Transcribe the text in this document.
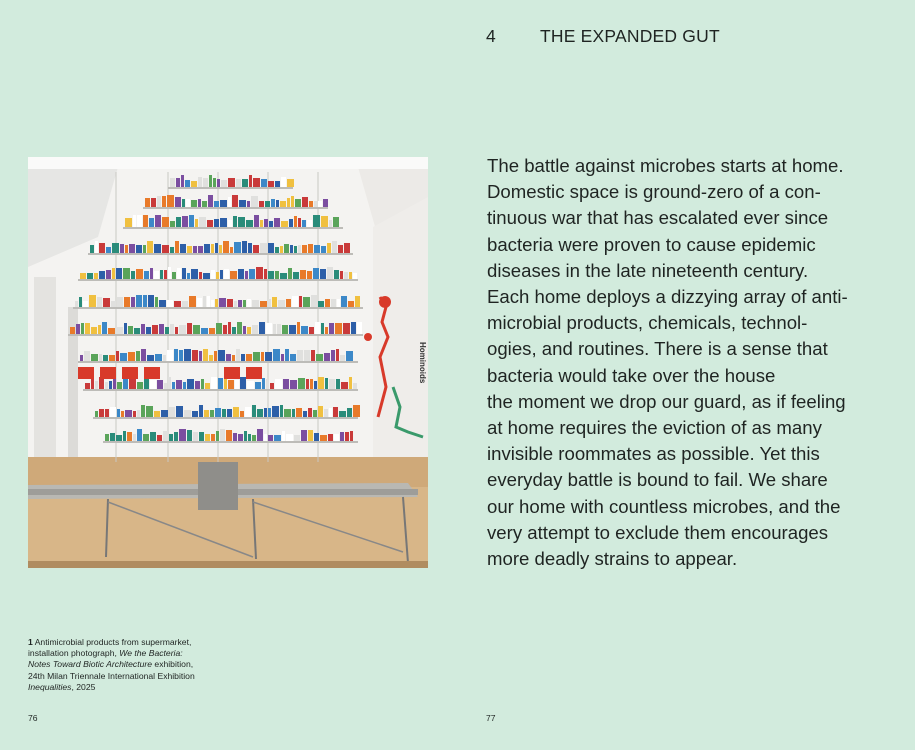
4	THE EXPANDED GUT
Hominoids

The battle against microbes starts at home.
Domestic space is ground-zero of a con-
tinuous war that has escalated ever since
bacteria were proven to cause epidemic
diseases in the late nineteenth century.
Each home deploys a dizzying array of anti-
microbial products, chemicals, technol-
ogies, and routines. There is a sense that
bacteria would take over the house
the moment we drop our guard, as if feeling
at home requires the eviction of as many
invisible roommates as possible. Yet this
everyday battle is bound to fail. We share
our home with countless microbes, and the
very attempt to exclude them encourages
more deadly strains to appear.

1 Antimicrobial products from supermarket,
installation photograph, We the Bacteria:
Notes Toward Biotic Architecture exhibition,
24th Milan Triennale International Exhibition
Inequalities, 2025

76	77
